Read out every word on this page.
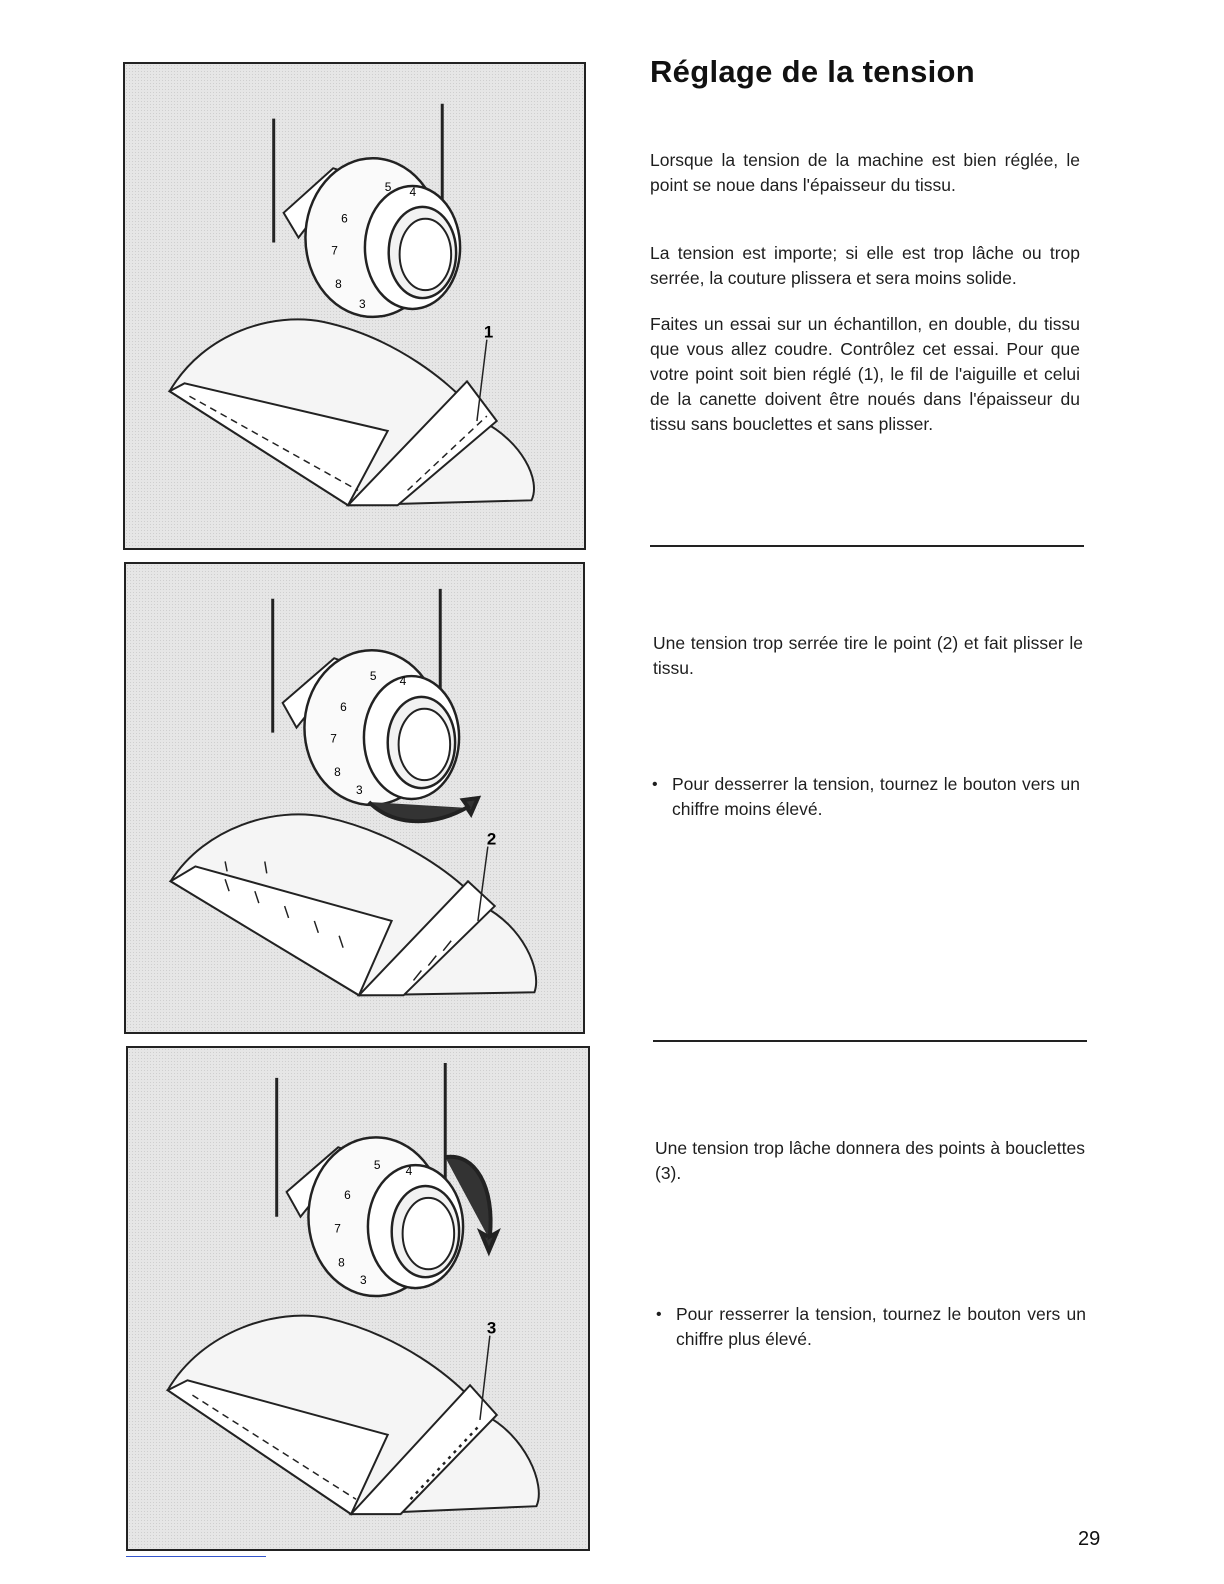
5 4
6
7
8
3
1
5 4
6
7
8
3
2
5 4
6
7
8
3
3
Réglage de la tension

Lorsque la tension de la machine est bien réglée, le point se noue dans l'épaisseur du tissu.

La tension est importe; si elle est trop lâche ou trop serrée, la couture plissera et sera moins solide.

Faites un essai sur un échantillon, en double, du tissu que vous allez coudre. Contrôlez cet essai. Pour que votre point soit bien réglé (1), le fil de l'aiguille et celui de la canette doivent être noués dans l'épaisseur du tissu sans bouclettes et sans plisser.

Une tension trop serrée tire le point (2) et fait plisser le tissu.

• Pour desserrer la tension, tournez le bouton vers un chiffre moins élevé.

Une tension trop lâche donnera des points à bouclettes (3).

• Pour resserrer la tension, tournez le bouton vers un chiffre plus élevé.

29
